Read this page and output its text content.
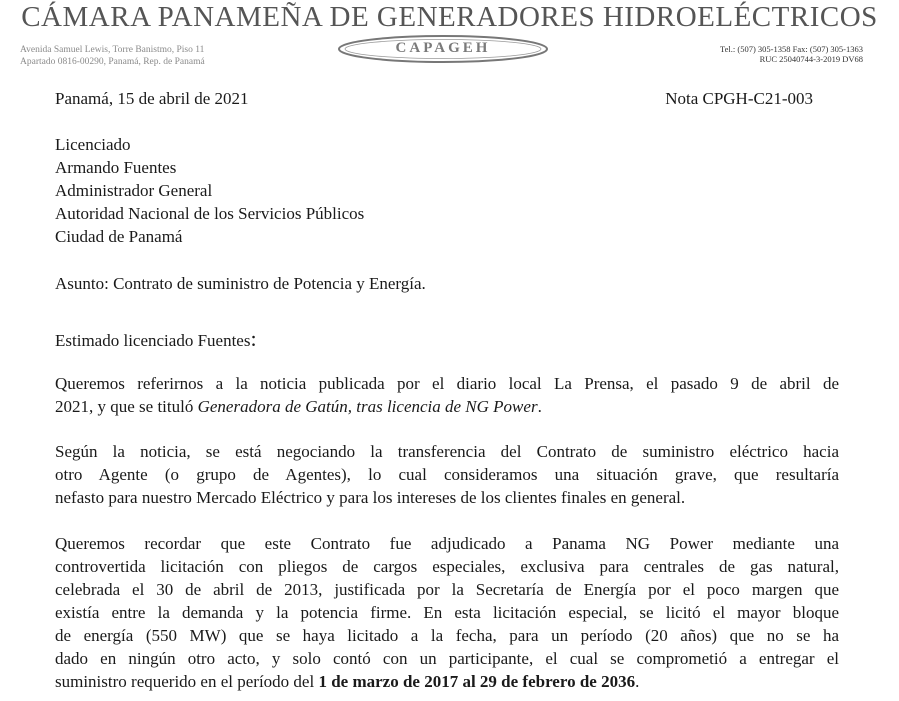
CÁMARA PANAMEÑA DE GENERADORES HIDROELÉCTRICOS
Avenida Samuel Lewis, Torre Banistmo, Piso 11
Apartado 0816-00290, Panamá, Rep. de Panamá
CAPAGEH	Tel.: (507) 305-1358 Fax: (507) 305-1363
RUC 25040744-3-2019 DV68
Panamá, 15 de abril de 2021	Nota CPGH-C21-003
Licenciado
Armando Fuentes
Administrador General
Autoridad Nacional de los Servicios Públicos
Ciudad de Panamá
Asunto: Contrato de suministro de Potencia y Energía.
Estimado licenciado Fuentes:
Queremos referirnos a la noticia publicada por el diario local La Prensa, el pasado 9 de abril de
2021, y que se tituló Generadora de Gatún, tras licencia de NG Power.
Según la noticia, se está negociando la transferencia del Contrato de suministro eléctrico hacia
otro Agente (o grupo de Agentes), lo cual consideramos una situación grave, que resultaría
nefasto para nuestro Mercado Eléctrico y para los intereses de los clientes finales en general.
Queremos recordar que este Contrato fue adjudicado a Panama NG Power mediante una
controvertida licitación con pliegos de cargos especiales, exclusiva para centrales de gas natural,
celebrada el 30 de abril de 2013, justificada por la Secretaría de Energía por el poco margen que
existía entre la demanda y la potencia firme. En esta licitación especial, se licitó el mayor bloque
de energía (550 MW) que se haya licitado a la fecha, para un período (20 años) que no se ha
dado en ningún otro acto, y solo contó con un participante, el cual se comprometió a entregar el
suministro requerido en el período del 1 de marzo de 2017 al 29 de febrero de 2036.
